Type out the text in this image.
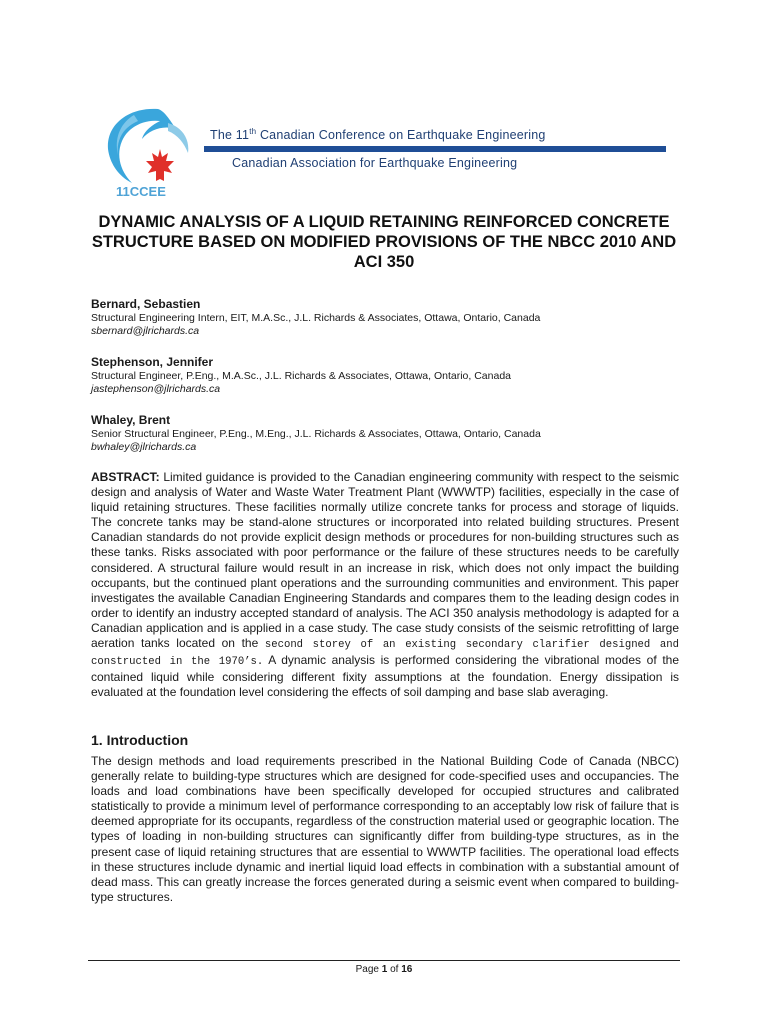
11CCEE
The 11th Canadian Conference on Earthquake Engineering
Canadian Association for Earthquake Engineering
DYNAMIC ANALYSIS OF A LIQUID RETAINING REINFORCED CONCRETE STRUCTURE BASED ON MODIFIED PROVISIONS OF THE NBCC 2010 AND ACI 350
Bernard, Sebastien
Structural Engineering Intern, EIT, M.A.Sc., J.L. Richards & Associates, Ottawa, Ontario, Canada
sbernard@jlrichards.ca
Stephenson, Jennifer
Structural Engineer, P.Eng., M.A.Sc., J.L. Richards & Associates, Ottawa, Ontario, Canada
jastephenson@jlrichards.ca
Whaley, Brent
Senior Structural Engineer, P.Eng., M.Eng., J.L. Richards & Associates, Ottawa, Ontario, Canada
bwhaley@jlrichards.ca
ABSTRACT: Limited guidance is provided to the Canadian engineering community with respect to the seismic design and analysis of Water and Waste Water Treatment Plant (WWWTP) facilities, especially in the case of liquid retaining structures. These facilities normally utilize concrete tanks for process and storage of liquids. The concrete tanks may be stand-alone structures or incorporated into related building structures. Present Canadian standards do not provide explicit design methods or procedures for non-building structures such as these tanks. Risks associated with poor performance or the failure of these structures needs to be carefully considered. A structural failure would result in an increase in risk, which does not only impact the building occupants, but the continued plant operations and the surrounding communities and environment. This paper investigates the available Canadian Engineering Standards and compares them to the leading design codes in order to identify an industry accepted standard of analysis. The ACI 350 analysis methodology is adapted for a Canadian application and is applied in a case study. The case study consists of the seismic retrofitting of large aeration tanks located on the second storey of an existing secondary clarifier designed and constructed in the 1970’s. A dynamic analysis is performed considering the vibrational modes of the contained liquid while considering different fixity assumptions at the foundation. Energy dissipation is evaluated at the foundation level considering the effects of soil damping and base slab averaging.
1. Introduction
The design methods and load requirements prescribed in the National Building Code of Canada (NBCC) generally relate to building-type structures which are designed for code-specified uses and occupancies. The loads and load combinations have been specifically developed for occupied structures and calibrated statistically to provide a minimum level of performance corresponding to an acceptably low risk of failure that is deemed appropriate for its occupants, regardless of the construction material used or geographic location. The types of loading in non-building structures can significantly differ from building-type structures, as in the present case of liquid retaining structures that are essential to WWWTP facilities. The operational load effects in these structures include dynamic and inertial liquid load effects in combination with a substantial amount of dead mass. This can greatly increase the forces generated during a seismic event when compared to building-type structures.
Page 1 of 16
